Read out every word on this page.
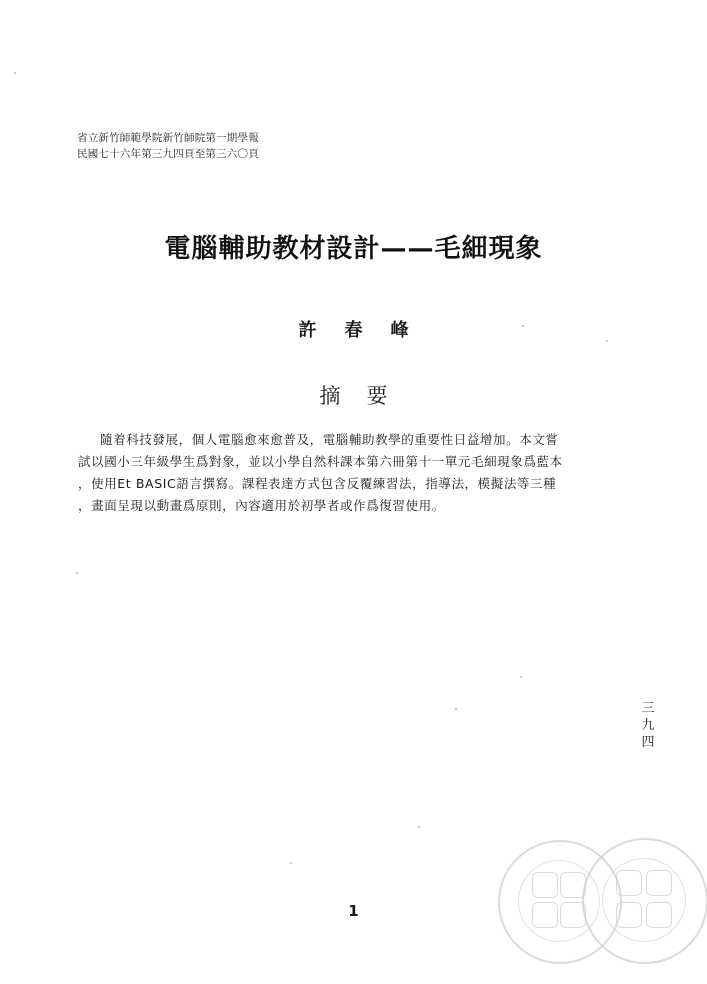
省立新竹師範學院新竹師院第一期學報
民國七十六年第三九四頁至第三六〇頁
電腦輔助教材設計——毛細現象
許春峰
摘要
隨着科技發展，個人電腦愈來愈普及，電腦輔助教學的重要性日益增加。本文嘗
試以國小三年級學生爲對象，並以小學自然科課本第六冊第十一單元毛細現象爲藍本
，使用Et BASIC語言撰寫。課程表達方式包含反覆練習法，指導法，模擬法等三種
，畫面呈現以動畫爲原則，內容適用於初學者或作爲復習使用。
三九四
1
